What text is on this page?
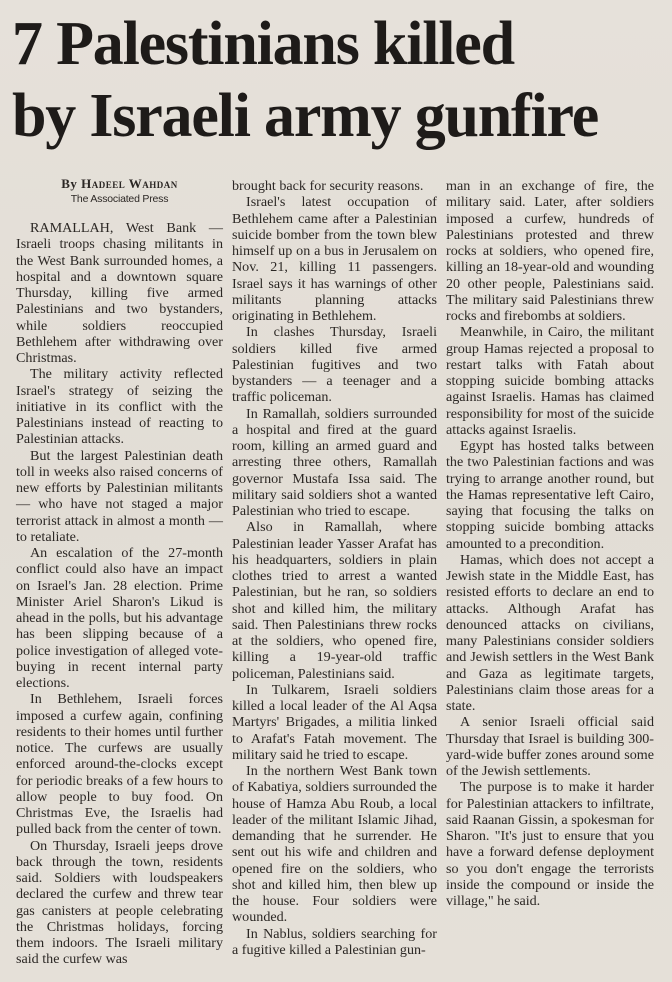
7 Palestinians killed
by Israeli army gunfire

By Hadeel Wahdan

The Associated Press

RAMALLAH, West Bank — Israeli troops chasing militants in the West Bank surrounded homes, a hospital and a downtown square Thursday, killing five armed Palestinians and two bystanders, while soldiers reoccupied Bethlehem after withdrawing over Christmas.

The military activity reflected Israel's strategy of seizing the initiative in its conflict with the Palestinians instead of reacting to Palestinian attacks.

But the largest Palestinian death toll in weeks also raised concerns of new efforts by Palestinian militants — who have not staged a major terrorist attack in almost a month — to retaliate.

An escalation of the 27-month conflict could also have an impact on Israel's Jan. 28 election. Prime Minister Ariel Sharon's Likud is ahead in the polls, but his advantage has been slipping because of a police investigation of alleged vote-buying in recent internal party elections.

In Bethlehem, Israeli forces imposed a curfew again, confining residents to their homes until further notice. The curfews are usually enforced around-the-clocks except for periodic breaks of a few hours to allow people to buy food. On Christmas Eve, the Israelis had pulled back from the center of town.

On Thursday, Israeli jeeps drove back through the town, residents said. Soldiers with loudspeakers declared the curfew and threw tear gas canisters at people celebrating the Christmas holidays, forcing them indoors. The Israeli military said the curfew was

brought back for security reasons.

Israel's latest occupation of Bethlehem came after a Palestinian suicide bomber from the town blew himself up on a bus in Jerusalem on Nov. 21, killing 11 passengers. Israel says it has warnings of other militants planning attacks originating in Bethlehem.

In clashes Thursday, Israeli soldiers killed five armed Palestinian fugitives and two bystanders — a teenager and a traffic policeman.

In Ramallah, soldiers surrounded a hospital and fired at the guard room, killing an armed guard and arresting three others, Ramallah governor Mustafa Issa said. The military said soldiers shot a wanted Palestinian who tried to escape.

Also in Ramallah, where Palestinian leader Yasser Arafat has his headquarters, soldiers in plain clothes tried to arrest a wanted Palestinian, but he ran, so soldiers shot and killed him, the military said. Then Palestinians threw rocks at the soldiers, who opened fire, killing a 19-year-old traffic policeman, Palestinians said.

In Tulkarem, Israeli soldiers killed a local leader of the Al Aqsa Martyrs' Brigades, a militia linked to Arafat's Fatah movement. The military said he tried to escape.

In the northern West Bank town of Kabatiya, soldiers surrounded the house of Hamza Abu Roub, a local leader of the militant Islamic Jihad, demanding that he surrender. He sent out his wife and children and opened fire on the soldiers, who shot and killed him, then blew up the house. Four soldiers were wounded.

In Nablus, soldiers searching for a fugitive killed a Palestinian gun-

man in an exchange of fire, the military said. Later, after soldiers imposed a curfew, hundreds of Palestinians protested and threw rocks at soldiers, who opened fire, killing an 18-year-old and wounding 20 other people, Palestinians said. The military said Palestinians threw rocks and firebombs at soldiers.

Meanwhile, in Cairo, the militant group Hamas rejected a proposal to restart talks with Fatah about stopping suicide bombing attacks against Israelis. Hamas has claimed responsibility for most of the suicide attacks against Israelis.

Egypt has hosted talks between the two Palestinian factions and was trying to arrange another round, but the Hamas representative left Cairo, saying that focusing the talks on stopping suicide bombing attacks amounted to a precondition.

Hamas, which does not accept a Jewish state in the Middle East, has resisted efforts to declare an end to attacks. Although Arafat has denounced attacks on civilians, many Palestinians consider soldiers and Jewish settlers in the West Bank and Gaza as legitimate targets, Palestinians claim those areas for a state.

A senior Israeli official said Thursday that Israel is building 300-yard-wide buffer zones around some of the Jewish settlements.

The purpose is to make it harder for Palestinian attackers to infiltrate, said Raanan Gissin, a spokesman for Sharon. "It's just to ensure that you have a forward defense deployment so you don't engage the terrorists inside the compound or inside the village," he said.
